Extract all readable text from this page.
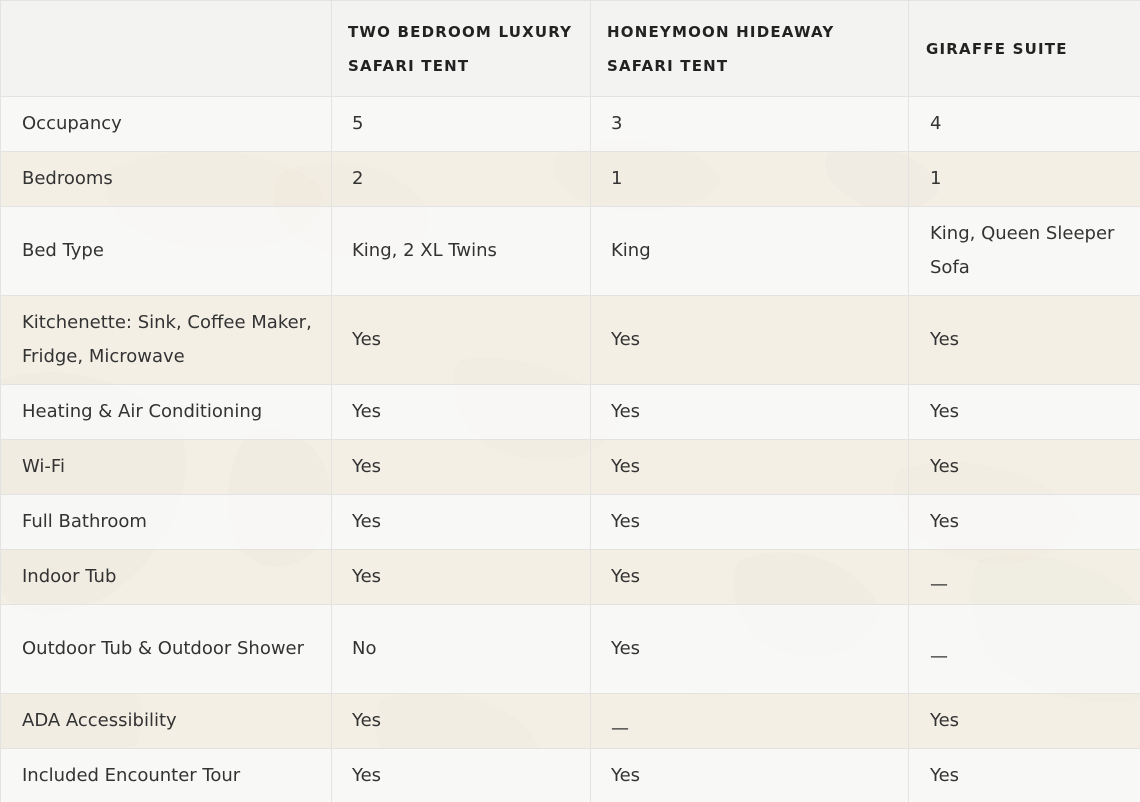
	TWO BEDROOM LUXURY SAFARI TENT	HONEYMOON HIDEAWAY SAFARI TENT	GIRAFFE SUITE
Occupancy	5	3	4
Bedrooms	2	1	1
Bed Type	King, 2 XL Twins	King	King, Queen Sleeper Sofa
Kitchenette: Sink, Coffee Maker, Fridge, Microwave	Yes	Yes	Yes
Heating & Air Conditioning	Yes	Yes	Yes
Wi-Fi	Yes	Yes	Yes
Full Bathroom	Yes	Yes	Yes
Indoor Tub	Yes	Yes	—
Outdoor Tub & Outdoor Shower	No	Yes	—
ADA Accessibility	Yes	—	Yes
Included Encounter Tour	Yes	Yes	Yes
